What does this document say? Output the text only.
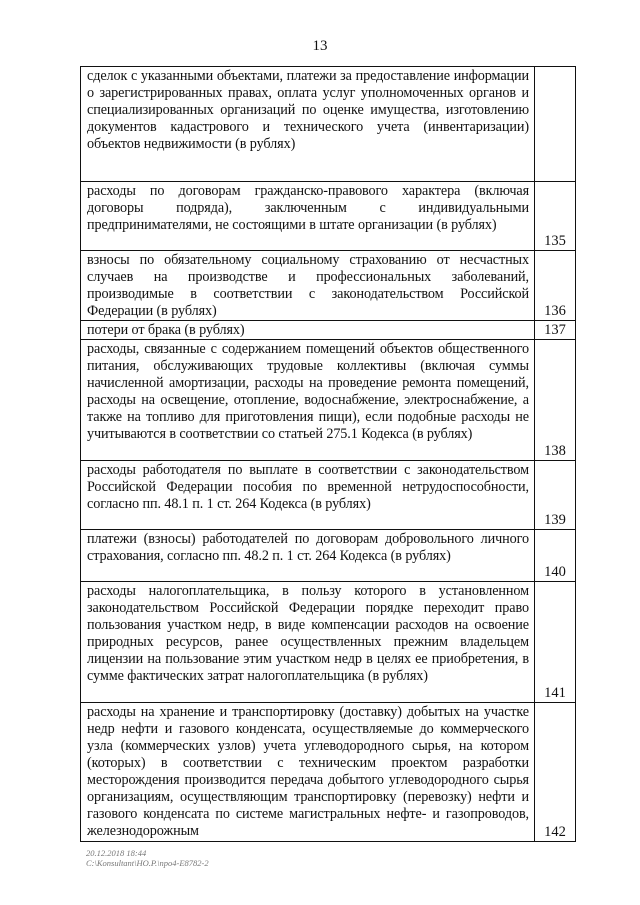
13
сделок с указанными объектами, платежи за предоставление информации о зарегистрированных правах, оплата услуг уполномоченных органов и специализированных организаций по оценке имущества, изготовлению документов кадастрового и технического учета (инвентаризации) объектов недвижимости (в рублях)	
расходы по договорам гражданско-правового характера (включая договоры подряда), заключенным с индивидуальными предпринимателями, не состоящими в штате организации (в рублях)	135
взносы по обязательному социальному страхованию от несчастных случаев на производстве и профессиональных заболеваний, производимые в соответствии с законодательством Российской Федерации (в рублях)	136
потери от брака (в рублях)	137
расходы, связанные с содержанием помещений объектов общественного питания, обслуживающих трудовые коллективы (включая суммы начисленной амортизации, расходы на проведение ремонта помещений, расходы на освещение, отопление, водоснабжение, электроснабжение, а также на топливо для приготовления пищи), если подобные расходы не учитываются в соответствии со статьей 275.1 Кодекса (в рублях)	138
расходы работодателя по выплате в соответствии с законодательством Российской Федерации пособия по временной нетрудоспособности, согласно пп. 48.1 п. 1 ст. 264 Кодекса (в рублях)	139
платежи (взносы) работодателей по договорам добровольного личного страхования, согласно пп. 48.2 п. 1 ст. 264 Кодекса (в рублях)	140
расходы налогоплательщика, в пользу которого в установленном законодательством Российской Федерации порядке переходит право пользования участком недр, в виде компенсации расходов на освоение природных ресурсов, ранее осуществленных прежним владельцем лицензии на пользование этим участком недр в целях ее приобретения, в сумме фактических затрат налогоплательщика (в рублях)	141
расходы на хранение и транспортировку (доставку) добытых на участке недр нефти и газового конденсата, осуществляемые до коммерческого узла (коммерческих узлов) учета углеводородного сырья, на котором (которых) в соответствии с техническим проектом разработки месторождения производится передача добытого углеводородного сырья организациям, осуществляющим транспортировку (перевозку) нефти и газового конденсата по системе магистральных нефте- и газопроводов, железнодорожным	142
20.12.2018 18:44
C:\Konsultant\HO.P.\npo4-E8782-2
